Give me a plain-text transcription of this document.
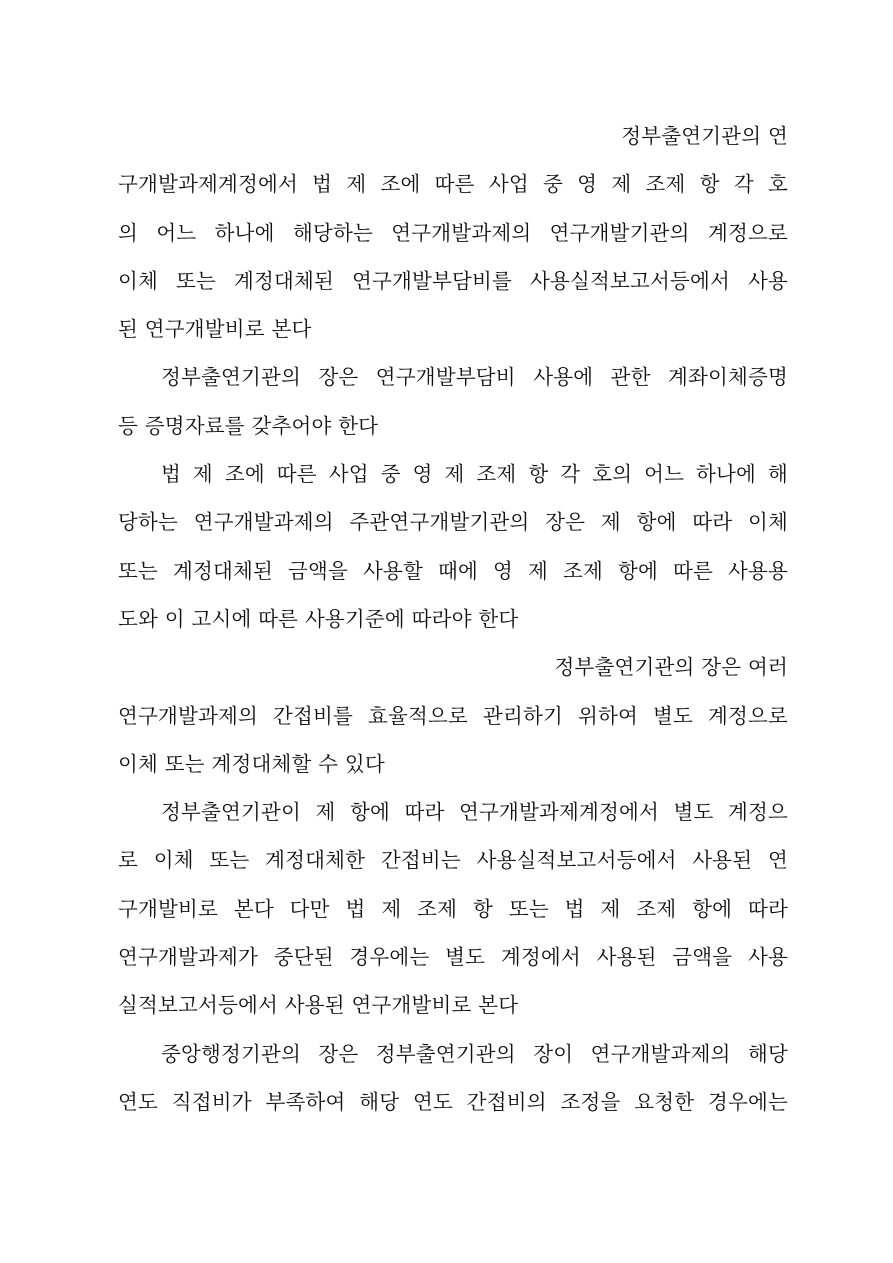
정부출연기관의 연
구개발과제계정에서 법 제 조에 따른 사업 중 영 제 조제 항 각 호
의 어느 하나에 해당하는 연구개발과제의 연구개발기관의 계정으로
이체 또는 계정대체된 연구개발부담비를 사용실적보고서등에서 사용
된 연구개발비로 본다
정부출연기관의 장은 연구개발부담비 사용에 관한 계좌이체증명
등 증명자료를 갖추어야 한다
법 제 조에 따른 사업 중 영 제 조제 항 각 호의 어느 하나에 해
당하는 연구개발과제의 주관연구개발기관의 장은 제 항에 따라 이체
또는 계정대체된 금액을 사용할 때에 영 제 조제 항에 따른 사용용
도와 이 고시에 따른 사용기준에 따라야 한다
정부출연기관의 장은 여러
연구개발과제의 간접비를 효율적으로 관리하기 위하여 별도 계정으로
이체 또는 계정대체할 수 있다
정부출연기관이 제 항에 따라 연구개발과제계정에서 별도 계정으
로 이체 또는 계정대체한 간접비는 사용실적보고서등에서 사용된 연
구개발비로 본다 다만 법 제 조제 항 또는 법 제 조제 항에 따라
연구개발과제가 중단된 경우에는 별도 계정에서 사용된 금액을 사용
실적보고서등에서 사용된 연구개발비로 본다
중앙행정기관의 장은 정부출연기관의 장이 연구개발과제의 해당
연도 직접비가 부족하여 해당 연도 간접비의 조정을 요청한 경우에는
